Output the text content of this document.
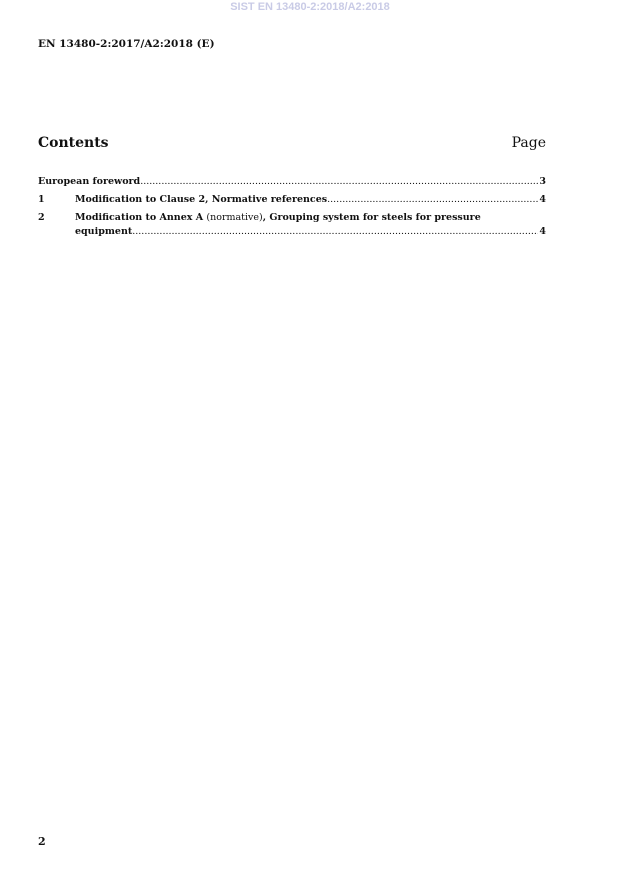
SIST EN 13480-2:2018/A2:2018
EN 13480-2:2017/A2:2018 (E)
Contents	Page
European foreword .....	3
1	Modification to Clause 2, Normative references .....	4
2	Modification to Annex A (normative), Grouping system for steels for pressure
equipment .....	4
2
